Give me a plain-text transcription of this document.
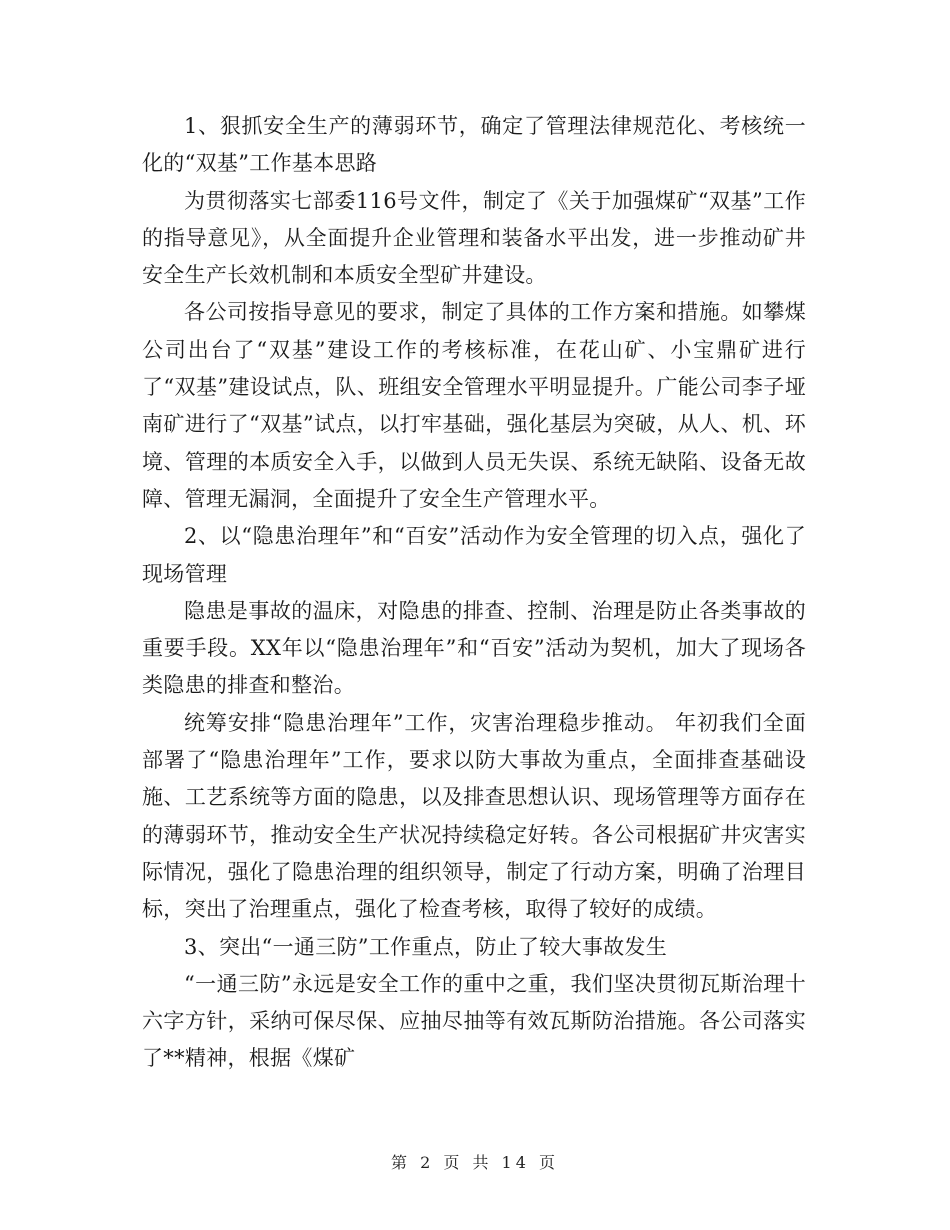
1、狠抓安全生产的薄弱环节，确定了管理法律规范化、考核统一化的“双基”工作基本思路

为贯彻落实七部委116号文件，制定了《关于加强煤矿“双基”工作的指导意见》，从全面提升企业管理和装备水平出发，进一步推动矿井安全生产长效机制和本质安全型矿井建设。

各公司按指导意见的要求，制定了具体的工作方案和措施。如攀煤公司出台了“双基”建设工作的考核标准，在花山矿、小宝鼎矿进行了“双基”建设试点，队、班组安全管理水平明显提升。广能公司李子垭南矿进行了“双基”试点，以打牢基础，强化基层为突破，从人、机、环境、管理的本质安全入手，以做到人员无失误、系统无缺陷、设备无故障、管理无漏洞，全面提升了安全生产管理水平。

2、以“隐患治理年”和“百安”活动作为安全管理的切入点，强化了现场管理

隐患是事故的温床，对隐患的排查、控制、治理是防止各类事故的重要手段。XX年以“隐患治理年”和“百安”活动为契机，加大了现场各类隐患的排查和整治。

统筹安排“隐患治理年”工作，灾害治理稳步推动。 年初我们全面部署了“隐患治理年”工作，要求以防大事故为重点，全面排查基础设施、工艺系统等方面的隐患，以及排查思想认识、现场管理等方面存在的薄弱环节，推动安全生产状况持续稳定好转。各公司根据矿井灾害实际情况，强化了隐患治理的组织领导，制定了行动方案，明确了治理目标，突出了治理重点，强化了检查考核，取得了较好的成绩。

3、突出“一通三防”工作重点，防止了较大事故发生

“一通三防”永远是安全工作的重中之重，我们坚决贯彻瓦斯治理十六字方针，采纳可保尽保、应抽尽抽等有效瓦斯防治措施。各公司落实了**精神，根据《煤矿

第 2 页 共 14 页
